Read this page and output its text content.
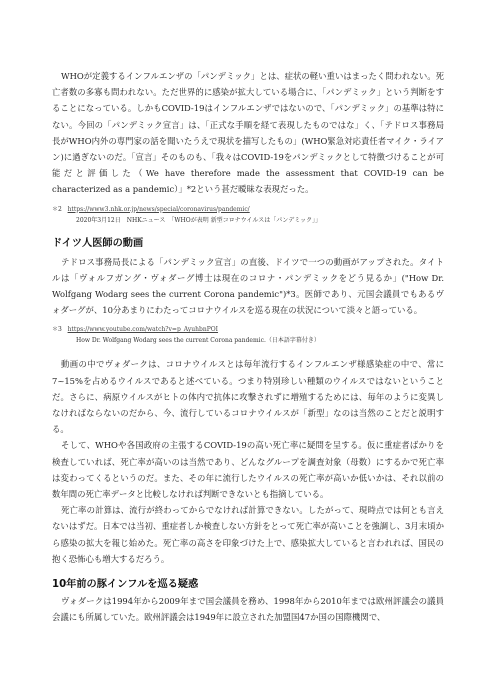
WHOが定義するインフルエンザの「パンデミック」とは、症状の軽い重いはまったく問われない。死亡者数の多寡も問われない。ただ世界的に感染が拡大している場合に、「パンデミック」という判断をすることになっている。しかもCOVID-19はインフルエンザではないので、「パンデミック」の基準は特にない。今回の「パンデミック宣言」は、「正式な手順を経て表現したものではな」く、「テドロス事務局長がWHO内外の専門家の話を聞いたうえで現状を描写したもの」(WHO緊急対応責任者マイク・ライアン)に過ぎないのだ。「宣言」そのものも、「我々はCOVID-19をパンデミックとして特徴づけることが可能だと評価した（We have therefore made the assessment that COVID-19 can be characterized as a pandemic）」*2という甚だ曖昧な表現だった。

＊2 https://www3.nhk.or.jp/news/special/coronavirus/pandemic/

2020年3月12日　NHKニュース　「WHOが表明 新型コロナウイルスは「パンデミック」」

ドイツ人医師の動画

テドロス事務局長による「パンデミック宣言」の直後、ドイツで一つの動画がアップされた。タイトルは「ヴォルフガング・ヴォダーグ博士は現在のコロナ・パンデミックをどう見るか」("How Dr. Wolfgang Wodarg sees the current Corona pandemic")*3。医師であり、元国会議員でもあるヴォダーグが、10分あまりにわたってコロナウイルスを巡る現在の状況について淡々と語っている。

＊3 https://www.youtube.com/watch?v=p_AyuhbnPOI

How Dr. Wolfgang Wodarg sees the current Corona pandemic.（日本語字幕付き）

動画の中でヴォダークは、コロナウイルスとは毎年流行するインフルエンザ様感染症の中で、常に7~15%を占めるウイルスであると述べている。つまり特別珍しい種類のウイルスではないということだ。さらに、病原ウイルスがヒトの体内で抗体に攻撃されずに増殖するためには、毎年のように変異しなければならないのだから、今、流行しているコロナウイルスが「新型」なのは当然のことだと説明する。

そして、WHOや各国政府の主張するCOVID-19の高い死亡率に疑問を呈する。仮に重症者ばかりを検査していれば、死亡率が高いのは当然であり、どんなグループを調査対象（母数）にするかで死亡率は変わってくるというのだ。また、その年に流行したウイルスの死亡率が高いか低いかは、それ以前の数年間の死亡率データと比較しなければ判断できないとも指摘している。

死亡率の計算は、流行が終わってからでなければ計算できない。したがって、現時点では何とも言えないはずだ。日本では当初、重症者しか検査しない方針をとって死亡率が高いことを強調し、3月末頃から感染の拡大を報じ始めた。死亡率の高さを印象づけた上で、感染拡大していると言われれば、国民の抱く恐怖心も増大するだろう。

10年前の豚インフルを巡る疑惑

ヴォダークは1994年から2009年まで国会議員を務め、1998年から2010年までは欧州評議会の議員会議にも所属していた。欧州評議会は1949年に設立された加盟国47か国の国際機関で、
